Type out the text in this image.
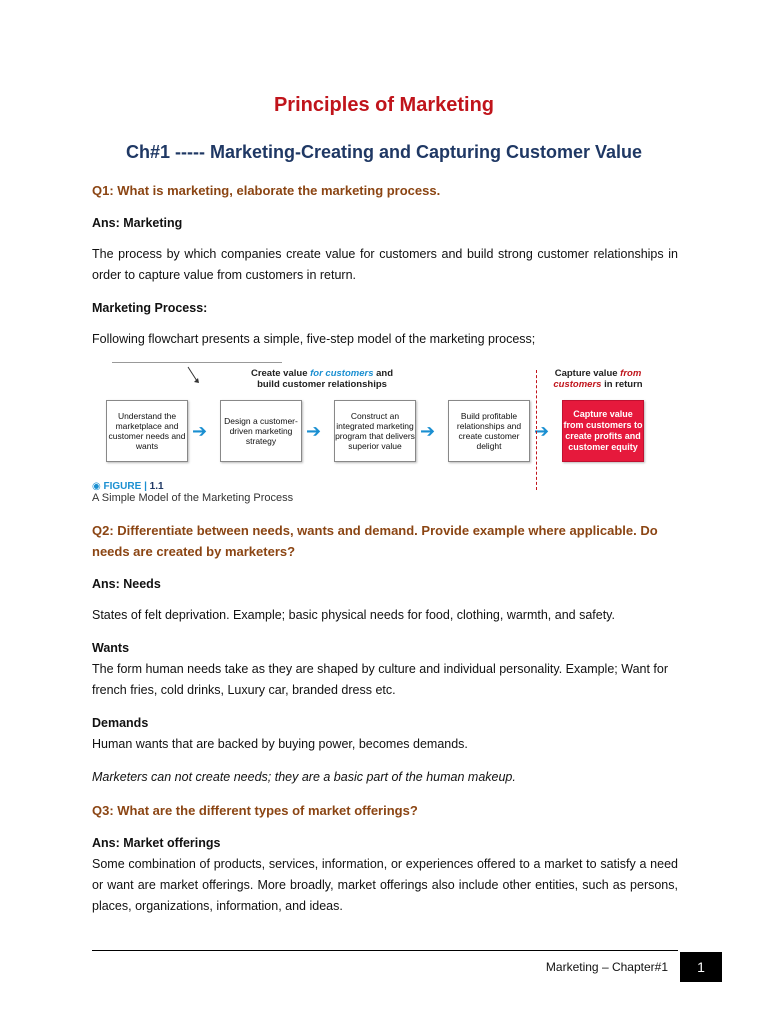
Principles of Marketing
Ch#1 ----- Marketing-Creating and Capturing Customer Value

Q1: What is marketing, elaborate the marketing process.

Ans: Marketing

The process by which companies create value for customers and build strong customer relationships in order to capture value from customers in return.

Marketing Process:

Following flowchart presents a simple, five-step model of the marketing process;

Create value for customers and
build customer relationships
Capture value from
customers in return
Understand the marketplace and customer needs and wants
➔	Design a customer-driven marketing strategy	➔
Construct an integrated marketing program that delivers superior value
➔
Build profitable relationships and create customer delight
➔
Capture value from customers to create profits and customer equity
◉ FIGURE | 1.1
A Simple Model of the Marketing Process

Q2: Differentiate between needs, wants and demand. Provide example where applicable. Do needs are created by marketers?

Ans: Needs

States of felt deprivation. Example; basic physical needs for food, clothing, warmth, and safety.

Wants

The form human needs take as they are shaped by culture and individual personality. Example; Want for french fries, cold drinks, Luxury car, branded dress etc.

Demands

Human wants that are backed by buying power, becomes demands.

Marketers can not create needs; they are a basic part of the human makeup.

Q3: What are the different types of market offerings?

Ans: Market offerings

Some combination of products, services, information, or experiences offered to a market to satisfy a need or want are market offerings. More broadly, market offerings also include other entities, such as persons, places, organizations, information, and ideas.

Marketing – Chapter#1	1
